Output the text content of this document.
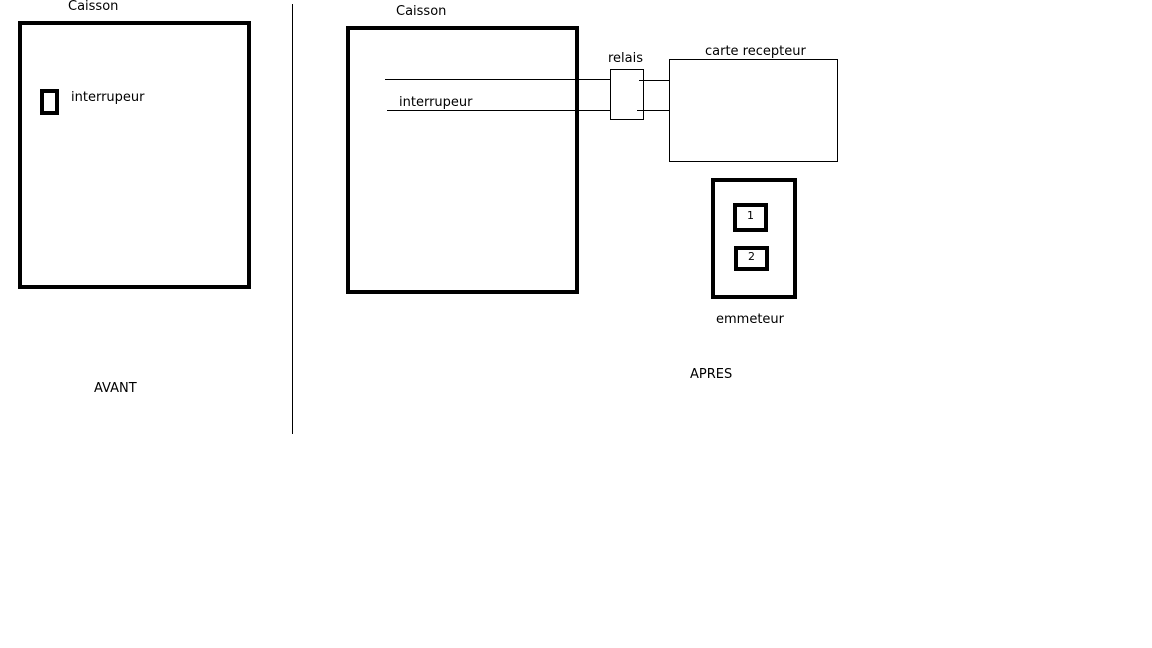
Caisson
interrupeur
AVANT
Caisson
interrupeur
relais	carte recepteur
1
2
emmeteur
APRES
